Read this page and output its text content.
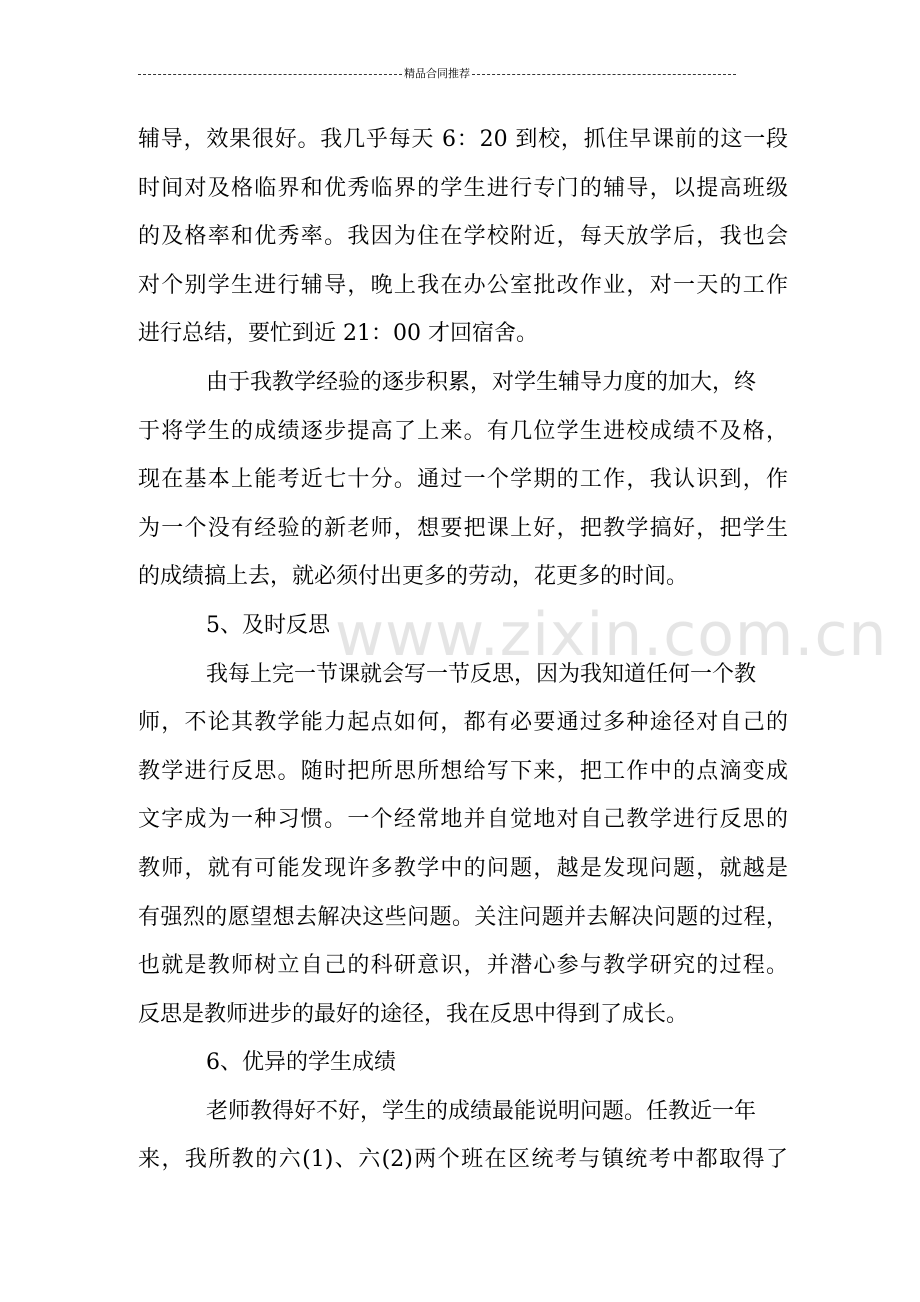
精品合同推荐
www.zixin.com.cn
辅导，效果很好。我几乎每天 6：20 到校，抓住早课前的这一段
时间对及格临界和优秀临界的学生进行专门的辅导，以提高班级
的及格率和优秀率。我因为住在学校附近，每天放学后，我也会
对个别学生进行辅导，晚上我在办公室批改作业，对一天的工作
进行总结，要忙到近 21：00 才回宿舍。
由于我教学经验的逐步积累，对学生辅导力度的加大，终
于将学生的成绩逐步提高了上来。有几位学生进校成绩不及格，
现在基本上能考近七十分。通过一个学期的工作，我认识到，作
为一个没有经验的新老师，想要把课上好，把教学搞好，把学生
的成绩搞上去，就必须付出更多的劳动，花更多的时间。
5、及时反思
我每上完一节课就会写一节反思，因为我知道任何一个教
师，不论其教学能力起点如何，都有必要通过多种途径对自己的
教学进行反思。随时把所思所想给写下来，把工作中的点滴变成
文字成为一种习惯。一个经常地并自觉地对自己教学进行反思的
教师，就有可能发现许多教学中的问题，越是发现问题，就越是
有强烈的愿望想去解决这些问题。关注问题并去解决问题的过程，
也就是教师树立自己的科研意识，并潜心参与教学研究的过程。
反思是教师进步的最好的途径，我在反思中得到了成长。
6、优异的学生成绩
老师教得好不好，学生的成绩最能说明问题。任教近一年
来，我所教的六(1)、六(2)两个班在区统考与镇统考中都取得了
